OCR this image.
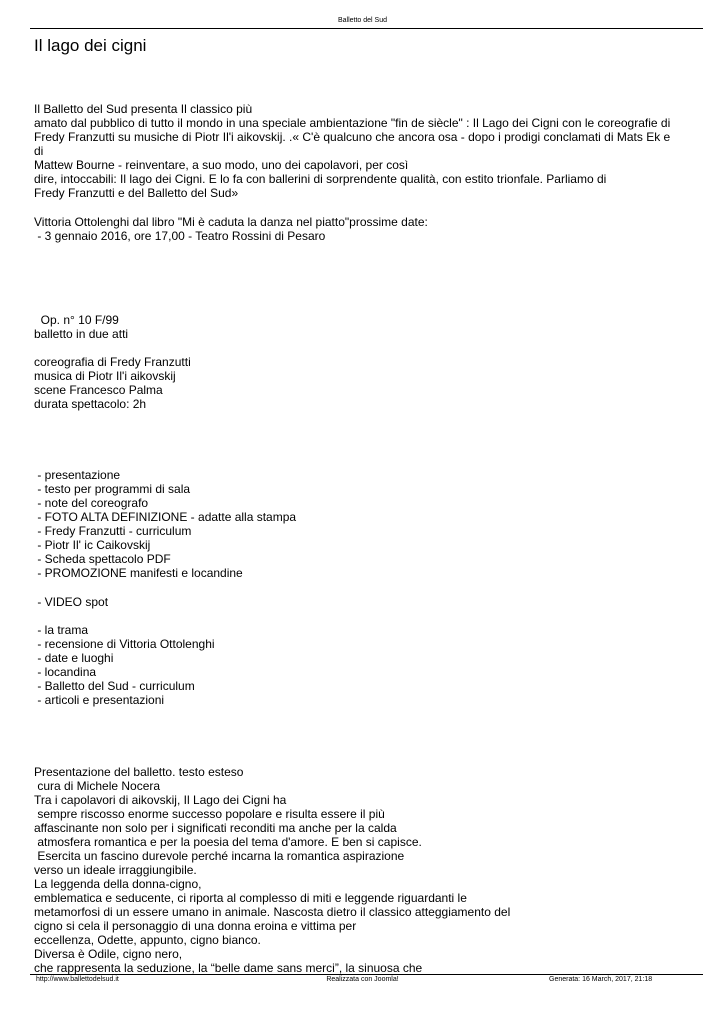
Balletto del Sud
Il lago dei cigni
Il Balletto del Sud presenta Il classico più
amato dal pubblico di tutto il mondo in una speciale ambientazione "fin de siècle" : Il Lago dei Cigni con le coreografie di
Fredy Franzutti su musiche di Piotr Il'i aikovskij. .« C'è qualcuno che ancora osa - dopo i prodigi conclamati di Mats Ek e
di
Mattew Bourne - reinventare, a suo modo, uno dei capolavori, per così
dire, intoccabili: Il lago dei Cigni. E lo fa con ballerini di sorprendente qualità, con estito trionfale. Parliamo di
Fredy Franzutti e del Balletto del Sud»
Vittoria Ottolenghi dal libro "Mi è caduta la danza nel piatto"prossime date:
- 3 gennaio 2016, ore 17,00 - Teatro Rossini di Pesaro
Op. n° 10 F/99
balletto in due atti
coreografia di Fredy Franzutti
musica di Piotr Il'i aikovskij
scene Francesco Palma
durata spettacolo: 2h
- presentazione
- testo per programmi di sala
- note del coreografo
- FOTO ALTA DEFINIZIONE - adatte alla stampa
- Fredy Franzutti - curriculum
- Piotr Il' ic Caikovskij
- Scheda spettacolo PDF
- PROMOZIONE manifesti e locandine
- VIDEO spot
- la trama
- recensione di Vittoria Ottolenghi
- date e luoghi
- locandina
- Balletto del Sud - curriculum
- articoli e presentazioni
Presentazione del balletto. testo esteso
cura di Michele Nocera
Tra i capolavori di aikovskij, Il Lago dei Cigni ha
sempre riscosso enorme successo popolare e risulta essere il più
affascinante non solo per i significati reconditi ma anche per la calda
atmosfera romantica e per la poesia del tema d'amore. E ben si capisce.
Esercita un fascino durevole perché incarna la romantica aspirazione
verso un ideale irraggiungibile.
La leggenda della donna-cigno,
emblematica e seducente, ci riporta al complesso di miti e leggende riguardanti le
metamorfosi di un essere umano in animale. Nascosta dietro il classico atteggiamento del
cigno si cela il personaggio di una donna eroina e vittima per
eccellenza, Odette, appunto, cigno bianco.
Diversa è Odile, cigno nero,
che rappresenta la seduzione, la “belle dame sans merci”, la sinuosa che
http://www.ballettodelsud.it	Realizzata con Joomla!	Generata: 16 March, 2017, 21:18
